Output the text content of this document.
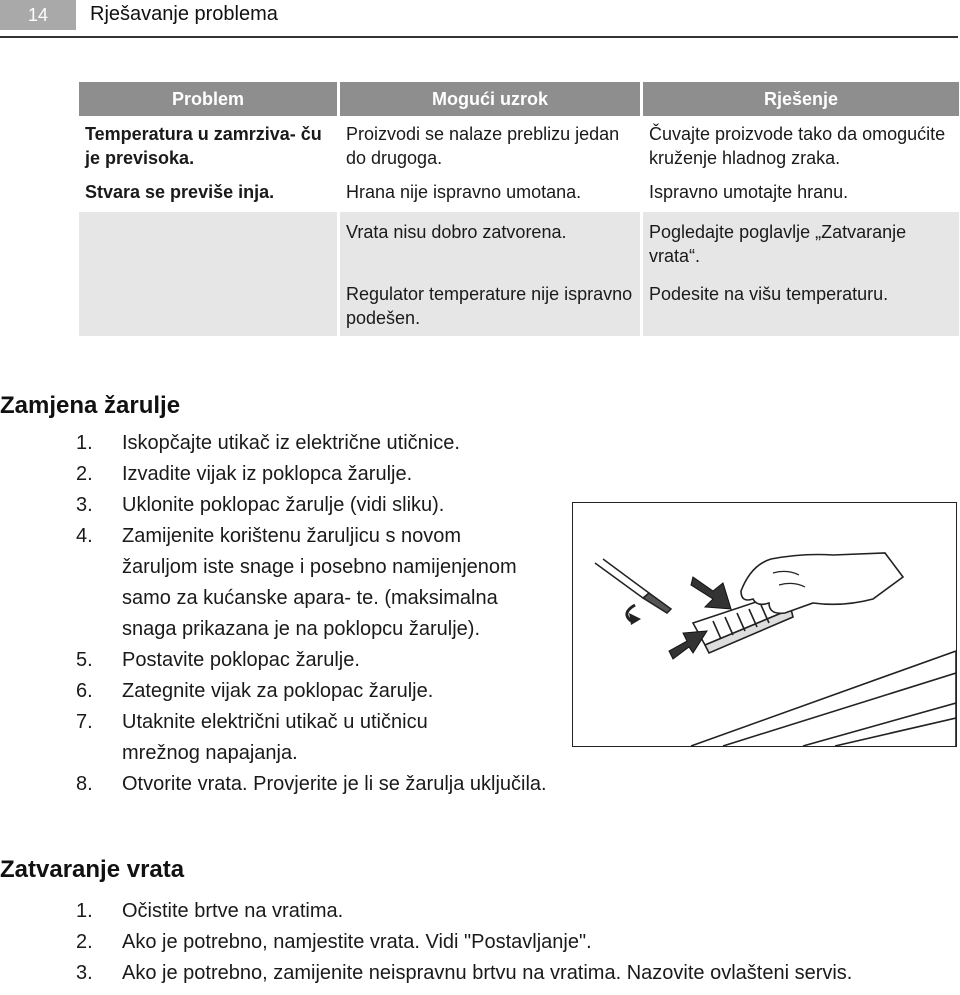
14	Rješavanje problema
Problem	Mogući uzrok	Rješenje
Temperatura u zamrziva- ču je previsoka.	Proizvodi se nalaze preblizu jedan do drugoga.	Čuvajte proizvode tako da omogućite kruženje hladnog zraka.
Stvara se previše inja.	Hrana nije ispravno umotana.	Ispravno umotajte hranu.
	Vrata nisu dobro zatvorena.	Pogledajte poglavlje „Zatvaranje vrata“.
	Regulator temperature nije ispravno podešen.	Podesite na višu temperaturu.
Zamjena žarulje
1. Iskopčajte utikač iz električne utičnice.
2. Izvadite vijak iz poklopca žarulje.
3. Uklonite poklopac žarulje (vidi sliku).
4. Zamijenite korištenu žaruljicu s novom žaruljom iste snage i posebno namijenjenom samo za kućanske apara- te. (maksimalna snaga prikazana je na poklopcu žarulje).
5. Postavite poklopac žarulje.
6. Zategnite vijak za poklopac žarulje.
7. Utaknite električni utikač u utičnicu mrežnog napajanja.
8. Otvorite vrata. Provjerite je li se žarulja uključila.
Zatvaranje vrata
1. Očistite brtve na vratima.
2. Ako je potrebno, namjestite vrata. Vidi "Postavljanje".
3. Ako je potrebno, zamijenite neispravnu brtvu na vratima. Nazovite ovlašteni servis.
